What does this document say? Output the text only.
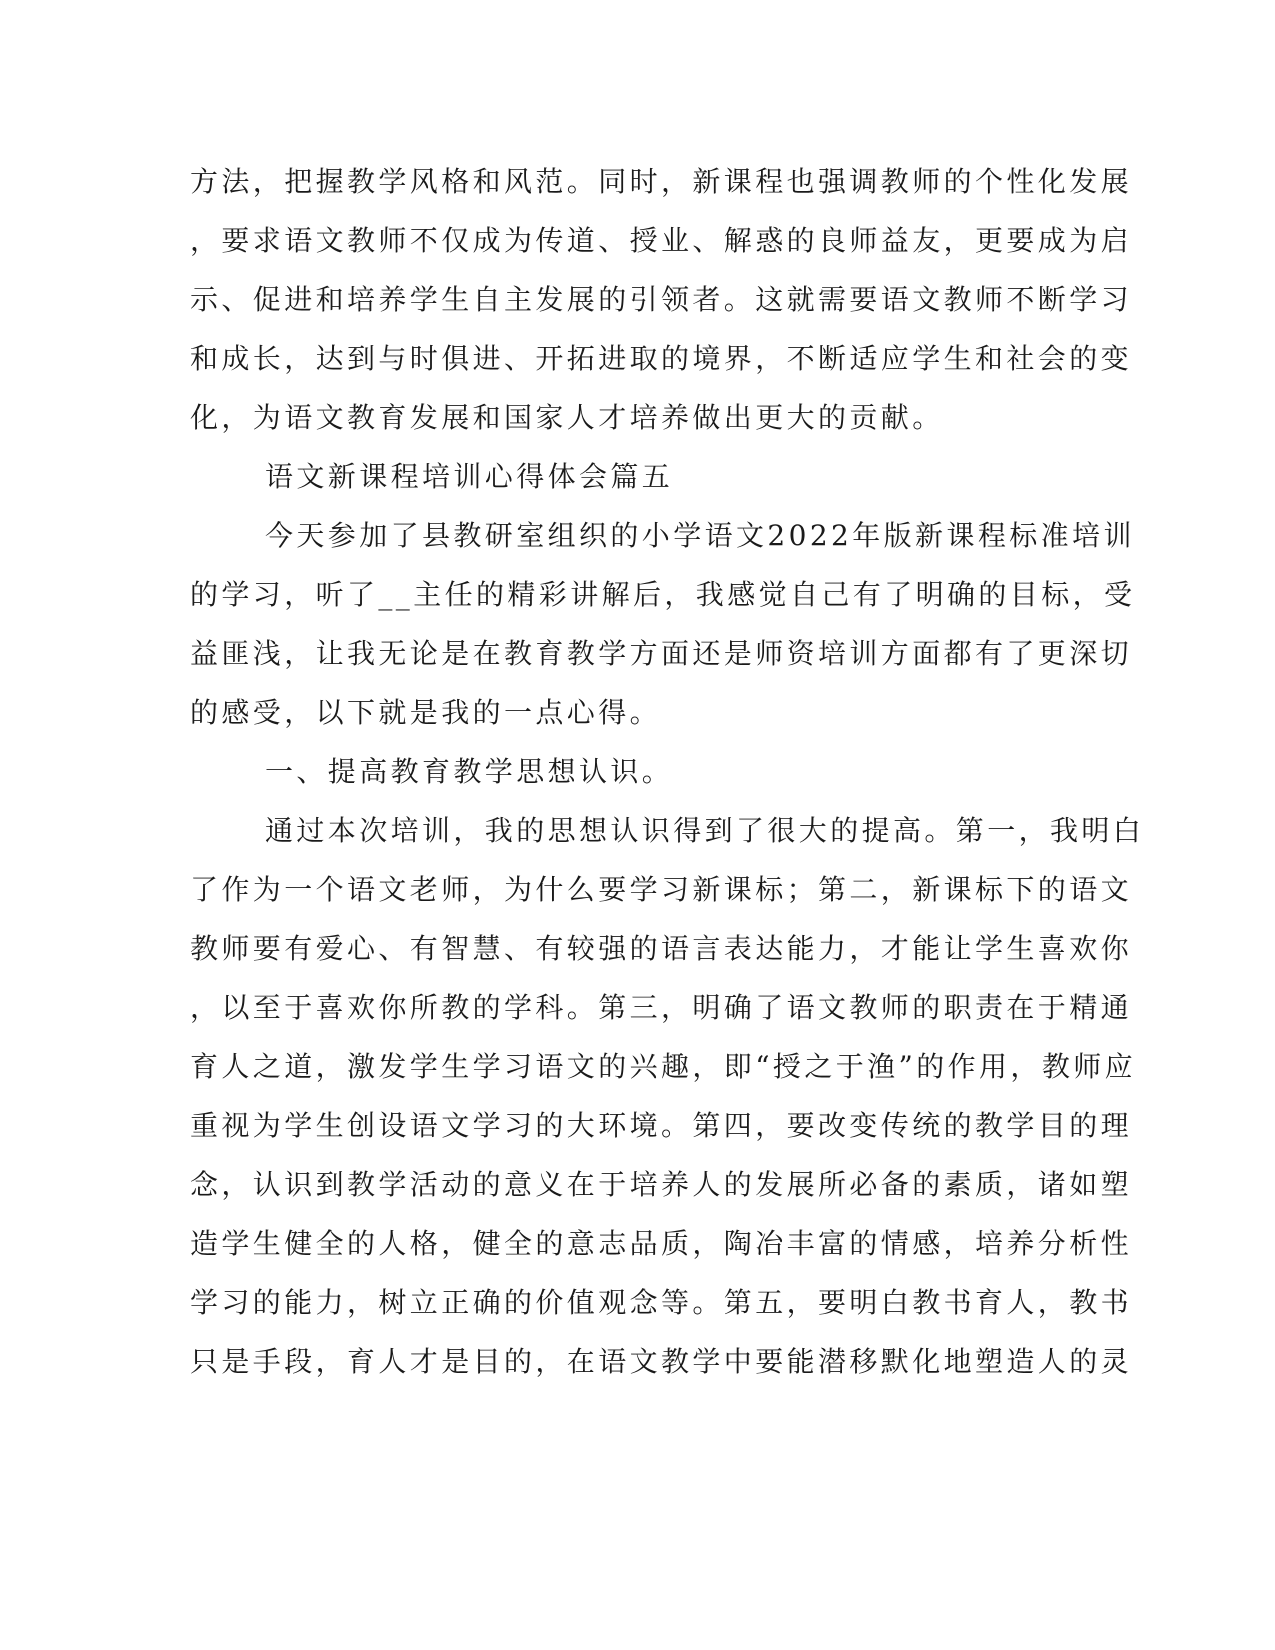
方法，把握教学风格和风范。同时，新课程也强调教师的个性化发展

，要求语文教师不仅成为传道、授业、解惑的良师益友，更要成为启

示、促进和培养学生自主发展的引领者。这就需要语文教师不断学习

和成长，达到与时俱进、开拓进取的境界，不断适应学生和社会的变

化，为语文教育发展和国家人才培养做出更大的贡献。

语文新课程培训心得体会篇五

今天参加了县教研室组织的小学语文2022年版新课程标准培训

的学习，听了__主任的精彩讲解后，我感觉自己有了明确的目标，受

益匪浅，让我无论是在教育教学方面还是师资培训方面都有了更深切

的感受，以下就是我的一点心得。

一、提高教育教学思想认识。

通过本次培训，我的思想认识得到了很大的提高。第一，我明白

了作为一个语文老师，为什么要学习新课标；第二，新课标下的语文

教师要有爱心、有智慧、有较强的语言表达能力，才能让学生喜欢你

，以至于喜欢你所教的学科。第三，明确了语文教师的职责在于精通

育人之道，激发学生学习语文的兴趣，即“授之于渔”的作用，教师应

重视为学生创设语文学习的大环境。第四，要改变传统的教学目的理

念，认识到教学活动的意义在于培养人的发展所必备的素质，诸如塑

造学生健全的人格，健全的意志品质，陶冶丰富的情感，培养分析性

学习的能力，树立正确的价值观念等。第五，要明白教书育人，教书

只是手段，育人才是目的，在语文教学中要能潜移默化地塑造人的灵
